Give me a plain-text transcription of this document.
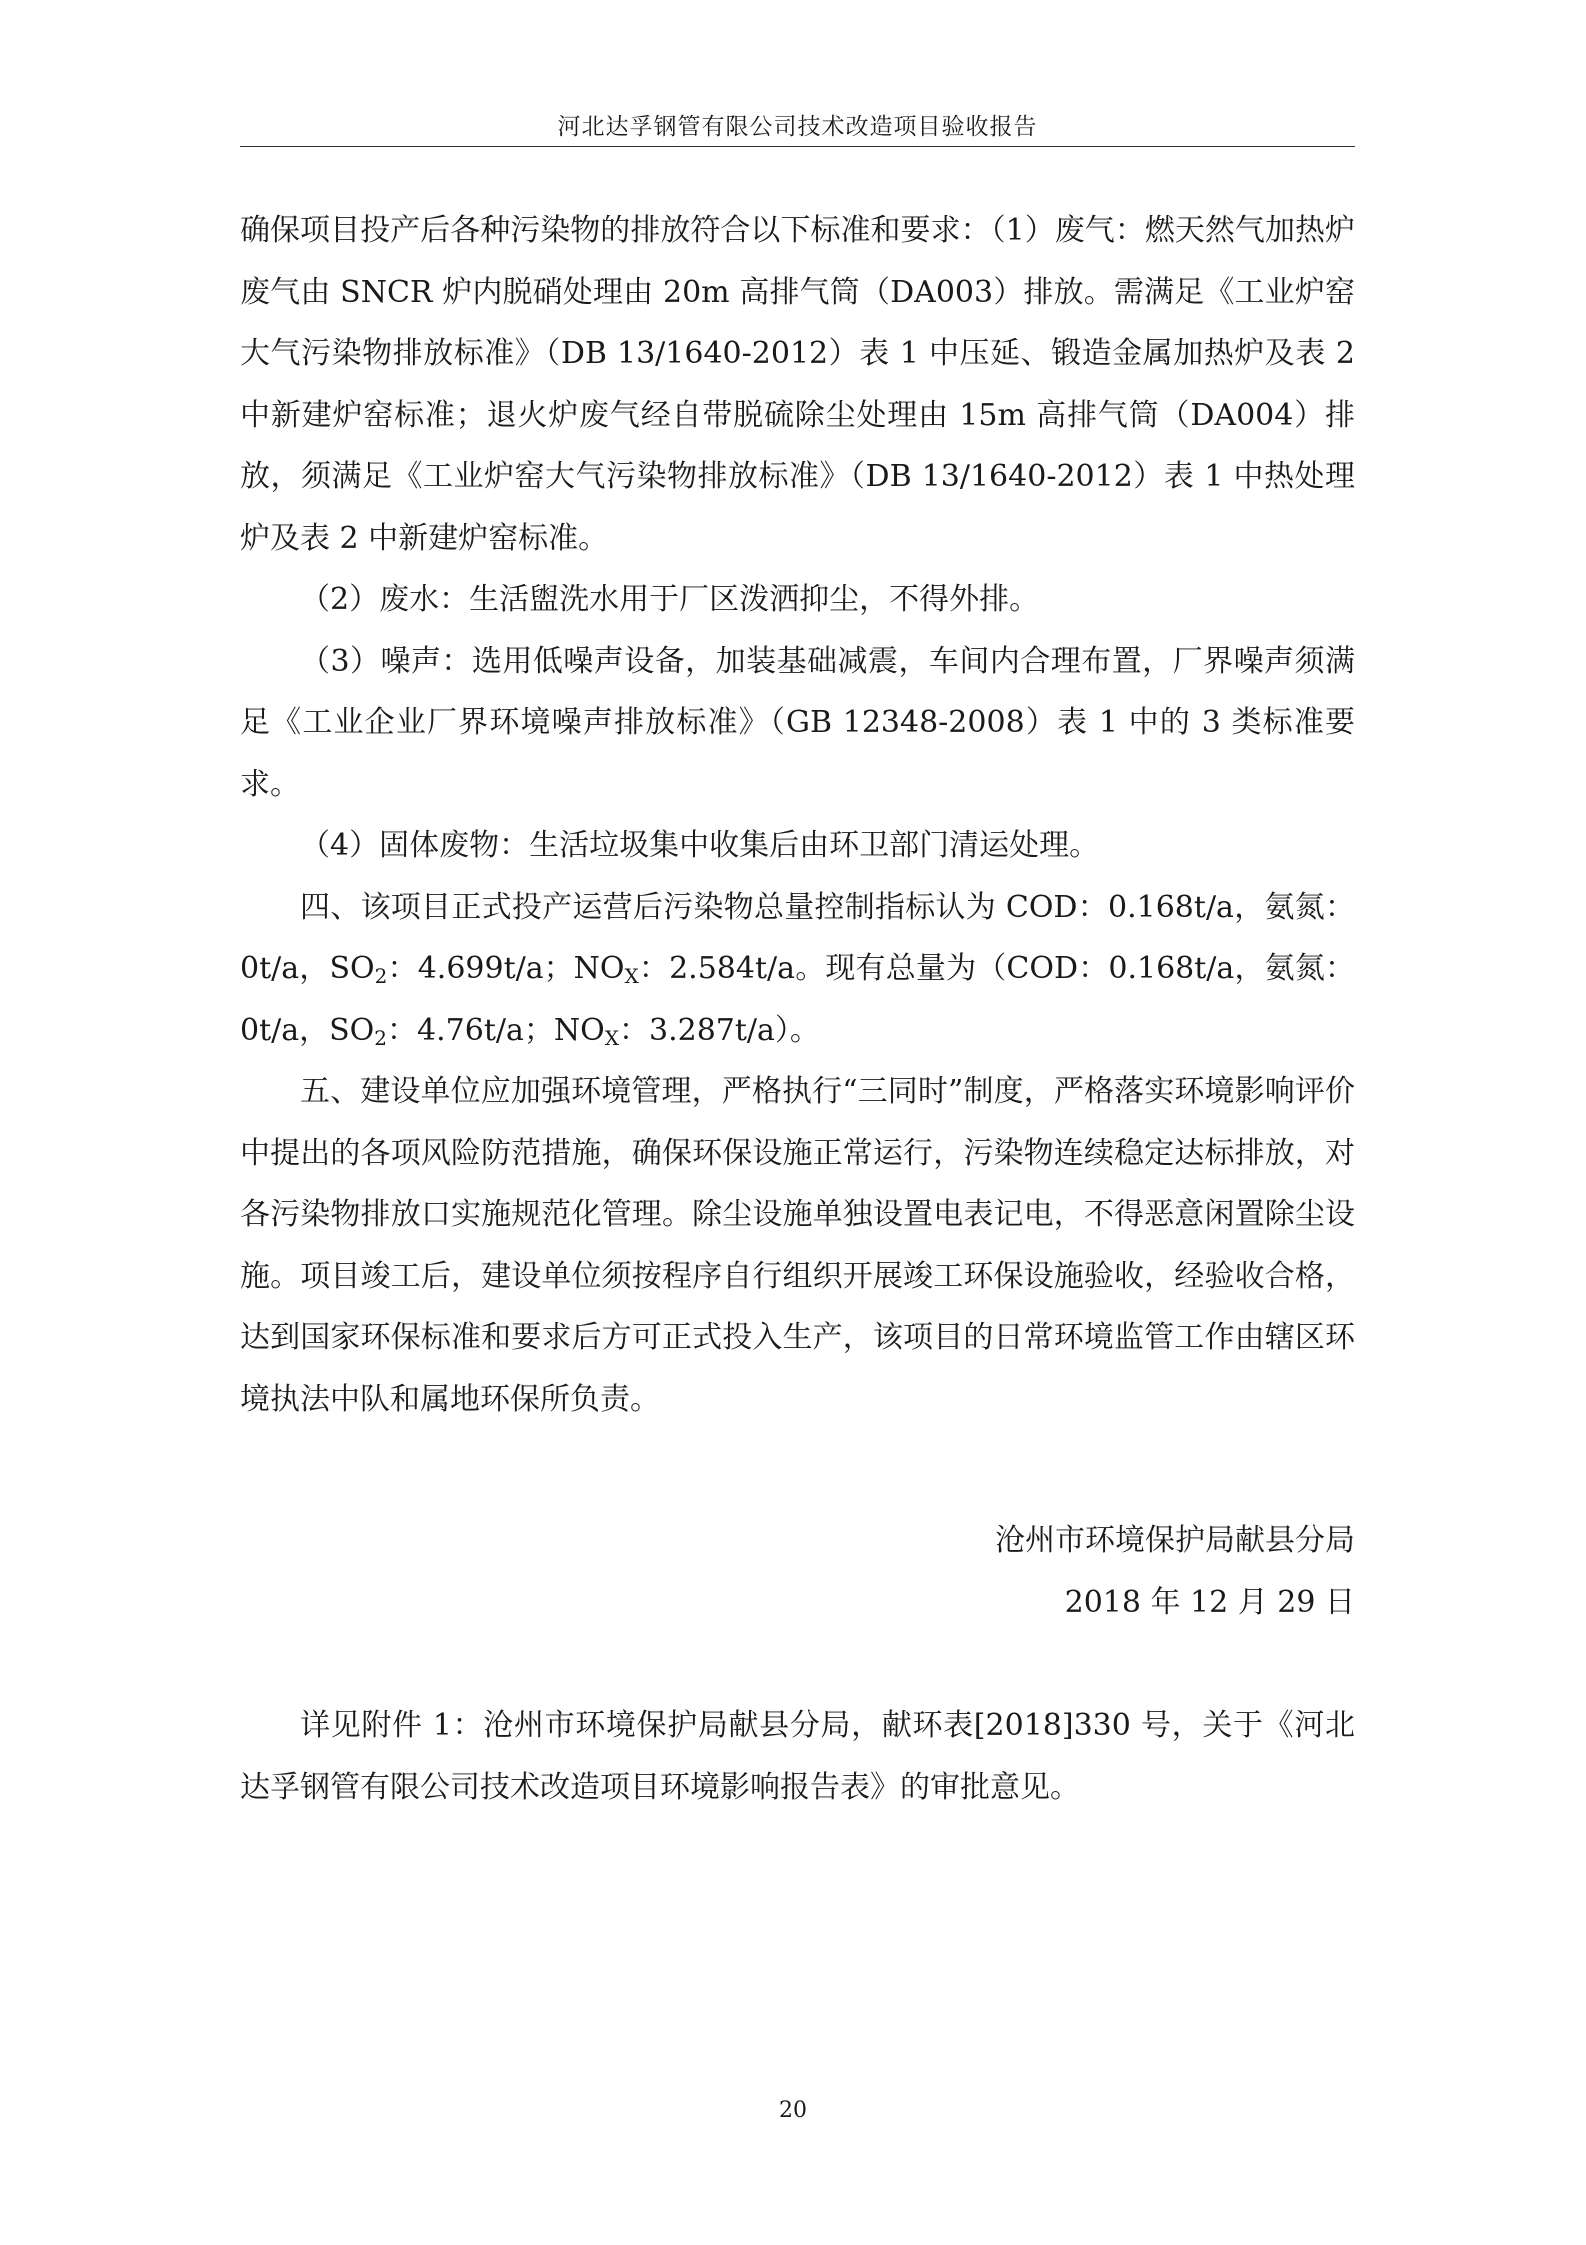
河北达孚钢管有限公司技术改造项目验收报告

确保项目投产后各种污染物的排放符合以下标准和要求：（1）废气：燃天然气加热炉废气由 SNCR 炉内脱硝处理由 20m 高排气筒（DA003）排放。需满足《工业炉窑大气污染物排放标准》（DB 13/1640-2012）表 1 中压延、锻造金属加热炉及表 2 中新建炉窑标准；退火炉废气经自带脱硫除尘处理由 15m 高排气筒（DA004）排放，须满足《工业炉窑大气污染物排放标准》（DB 13/1640-2012）表 1 中热处理炉及表 2 中新建炉窑标准。

（2）废水：生活盥洗水用于厂区泼洒抑尘，不得外排。

（3）噪声：选用低噪声设备，加装基础减震，车间内合理布置，厂界噪声须满足《工业企业厂界环境噪声排放标准》（GB 12348-2008）表 1 中的 3 类标准要求。

（4）固体废物：生活垃圾集中收集后由环卫部门清运处理。

四、该项目正式投产运营后污染物总量控制指标认为 COD：0.168t/a，氨氮：0t/a，$SO_2$：4.699t/a；$NO_X$：2.584t/a。现有总量为（COD：0.168t/a，氨氮：0t/a，$SO_2$：4.76t/a；$NO_X$：3.287t/a）。

五、建设单位应加强环境管理，严格执行“三同时”制度，严格落实环境影响评价中提出的各项风险防范措施，确保环保设施正常运行，污染物连续稳定达标排放，对各污染物排放口实施规范化管理。除尘设施单独设置电表记电，不得恶意闲置除尘设施。项目竣工后，建设单位须按程序自行组织开展竣工环保设施验收，经验收合格，达到国家环保标准和要求后方可正式投入生产，该项目的日常环境监管工作由辖区环境执法中队和属地环保所负责。

沧州市环境保护局献县分局
2018 年 12 月 29 日

详见附件 1：沧州市环境保护局献县分局，献环表[2018]330 号，关于《河北达孚钢管有限公司技术改造项目环境影响报告表》的审批意见。

20
